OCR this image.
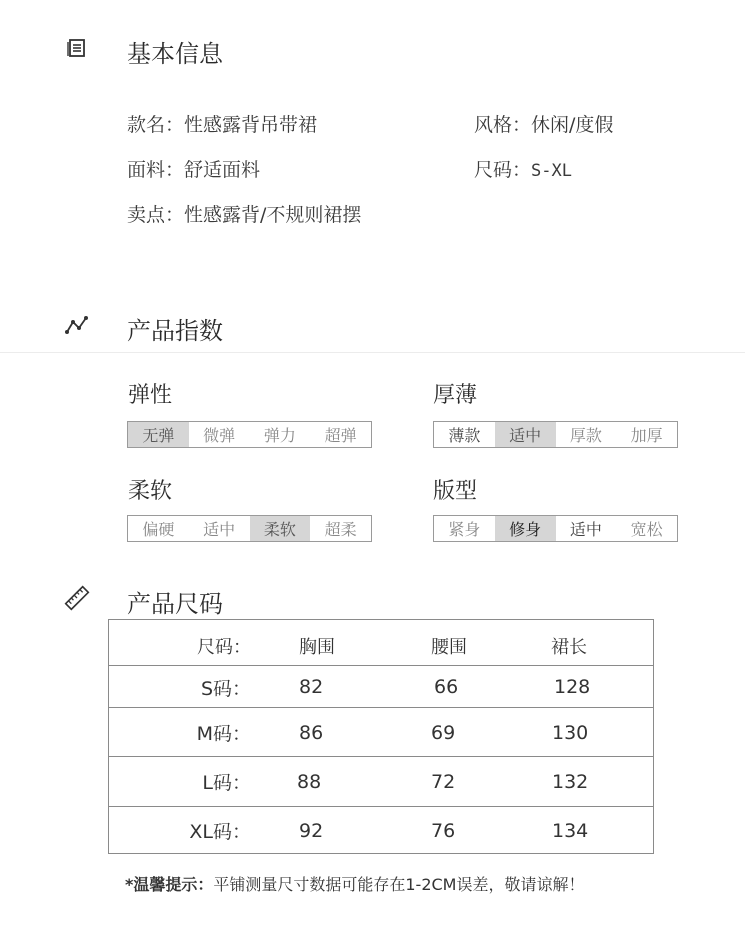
基本信息
款名：性感露背吊带裙	风格：休闲/度假
面料：舒适面料	尺码：S-XL
卖点：性感露背/不规则裙摆
产品指数
弹性
无弹	微弹	弹力	超弹
厚薄
薄款	适中	厚款	加厚
柔软
偏硬	适中	柔软	超柔
版型
紧身	修身	适中	宽松
产品尺码
尺码：	胸围	腰围	裙长
S码：	82	66	128
M码：	86	69	130
L码： 88	72	132
XL码：	92	76	134
*温馨提示：平铺测量尺寸数据可能存在1-2CM误差，敬请谅解！
